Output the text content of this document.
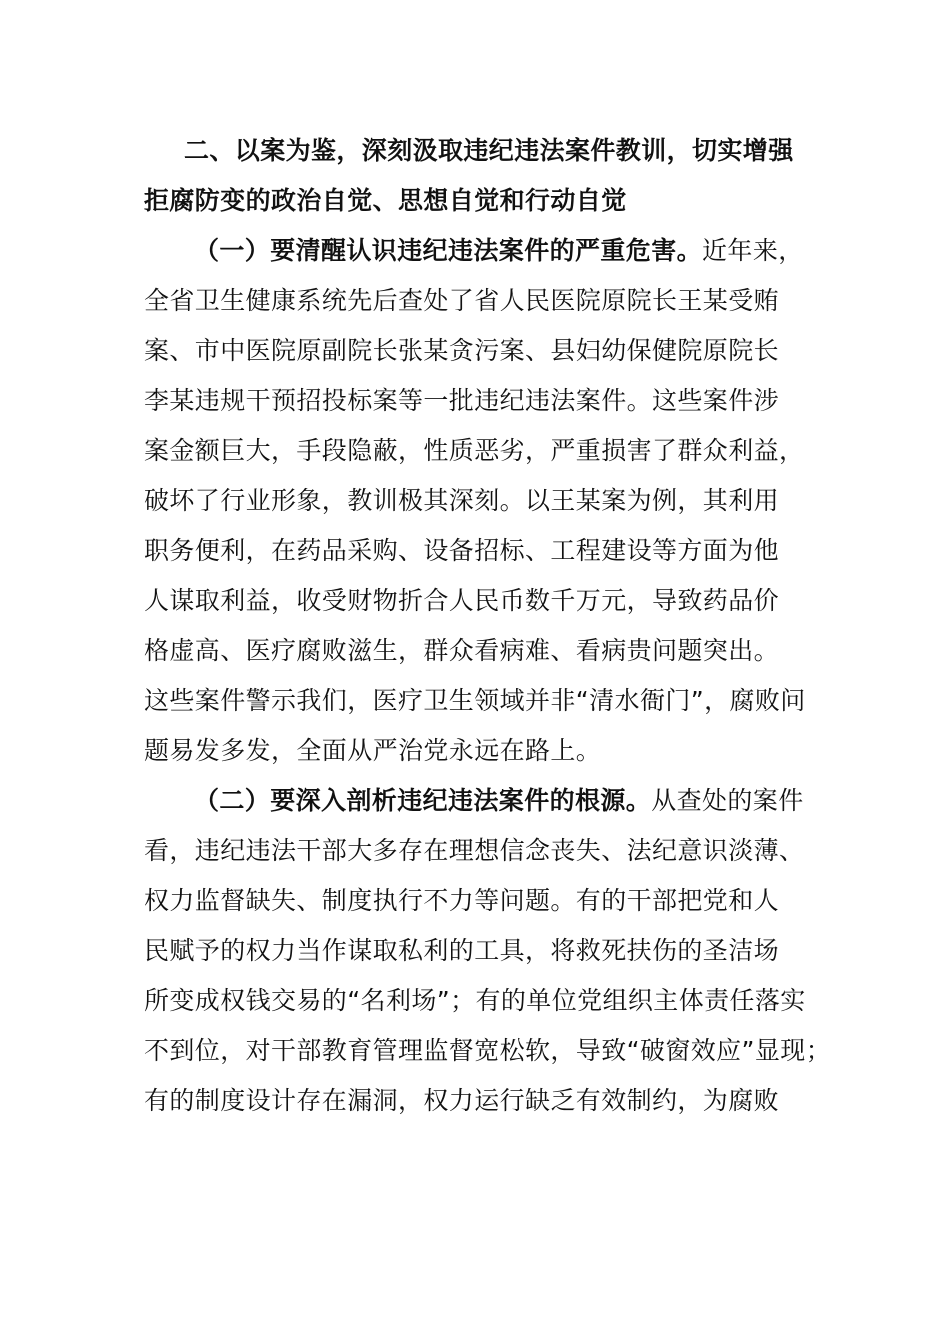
二、以案为鉴，深刻汲取违纪违法案件教训，切实增强
拒腐防变的政治自觉、思想自觉和行动自觉
（一）要清醒认识违纪违法案件的严重危害。近年来，
全省卫生健康系统先后查处了省人民医院原院长王某受贿
案、市中医院原副院长张某贪污案、县妇幼保健院原院长
李某违规干预招投标案等一批违纪违法案件。这些案件涉
案金额巨大，手段隐蔽，性质恶劣，严重损害了群众利益，
破坏了行业形象，教训极其深刻。以王某案为例，其利用
职务便利，在药品采购、设备招标、工程建设等方面为他
人谋取利益，收受财物折合人民币数千万元，导致药品价
格虚高、医疗腐败滋生，群众看病难、看病贵问题突出。
这些案件警示我们，医疗卫生领域并非“清水衙门”，腐败问
题易发多发，全面从严治党永远在路上。
（二）要深入剖析违纪违法案件的根源。从查处的案件
看，违纪违法干部大多存在理想信念丧失、法纪意识淡薄、
权力监督缺失、制度执行不力等问题。有的干部把党和人
民赋予的权力当作谋取私利的工具，将救死扶伤的圣洁场
所变成权钱交易的“名利场”；有的单位党组织主体责任落实
不到位，对干部教育管理监督宽松软，导致“破窗效应”显现；
有的制度设计存在漏洞，权力运行缺乏有效制约，为腐败
